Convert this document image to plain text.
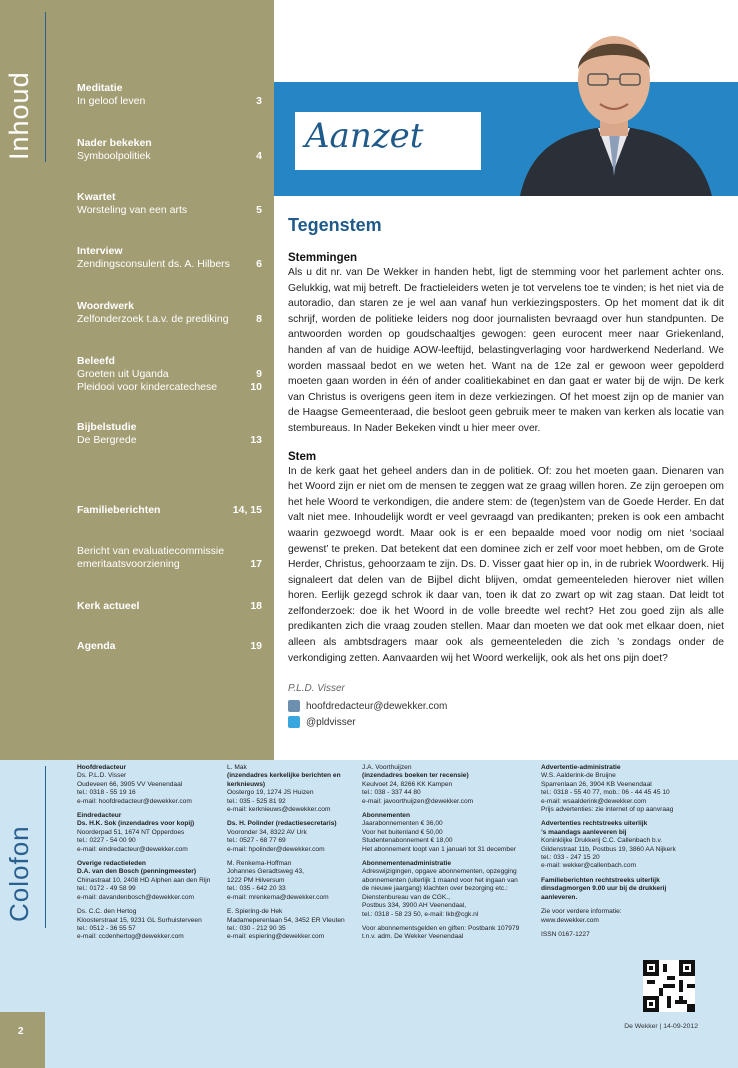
Inhoud	Meditatie
In geloof leven	3
Nader bekeken
Symboolpolitiek	4
Kwartet
Worsteling van een arts	5
Interview
Zendingsconsulent ds. A. Hilbers	6
Woordwerk
Zelfonderzoek t.a.v. de prediking	8
Beleefd
Groeten uit Uganda	9
Pleidooi voor kindercatechese	10
Bijbelstudie
De Bergrede	13
Familieberichten	14, 15
Bericht van evaluatiecommissie emeritaatsvoorziening	17
Kerk actueel	18
Agenda	19
Aanzet
Tegenstem
Stemmingen

Als u dit nr. van De Wekker in handen hebt, ligt de stemming voor het parlement achter ons. Gelukkig, wat mij betreft. De fractieleiders weten je tot vervelens toe te vinden; is het niet via de autoradio, dan staren ze je wel aan vanaf hun verkiezingsposters. Op het moment dat ik dit schrijf, worden de politieke leiders nog door journalisten bevraagd over hun standpunten. De antwoorden worden op goudschaaltjes gewogen: geen eurocent meer naar Griekenland, handen af van de huidige AOW-leeftijd, belastingverlaging voor hardwerkend Nederland. We worden massaal bedot en we weten het. Want na de 12e zal er gewoon weer gepolderd moeten gaan worden in één of ander coalitiekabinet en dan gaat er water bij de wijn. De kerk van Christus is overigens geen item in deze verkiezingen. Of het moest zijn op de manier van de Haagse Gemeenteraad, die besloot geen gebruik meer te maken van kerken als locatie van stembureaus. In Nader Bekeken vindt u hier meer over.

Stem

In de kerk gaat het geheel anders dan in de politiek. Of: zou het moeten gaan. Dienaren van het Woord zijn er niet om de mensen te zeggen wat ze graag willen horen. Ze zijn geroepen om het hele Woord te verkondigen, die andere stem: de (tegen)stem van de Goede Herder. En dat valt niet mee. Inhoudelijk wordt er veel gevraagd van predikanten; preken is ook een ambacht waarin gezwoegd wordt. Maar ook is er een bepaalde moed voor nodig om niet ‘sociaal gewenst’ te preken. Dat betekent dat een dominee zich er zelf voor moet hebben, om de Grote Herder, Christus, gehoorzaam te zijn. Ds. D. Visser gaat hier op in, in de rubriek Woordwerk. Hij signaleert dat delen van de Bijbel dicht blijven, omdat gemeenteleden hierover niet willen horen. Eerlijk gezegd schrok ik daar van, toen ik dat zo zwart op wit zag staan. Dat leidt tot zelfonderzoek: doe ik het Woord in de volle breedte wel recht? Het zou goed zijn als alle predikanten zich die vraag zouden stellen. Maar dan moeten we dat ook met elkaar doen, niet alleen als ambtsdragers maar ook als gemeenteleden die zich ’s zondags onder de verkondiging zetten. Aanvaarden wij het Woord werkelijk, ook als het ons pijn doet?

P.L.D. Visser
hoofdredacteur@dewekker.com
@pldvisser
Colofon
Hoofdredacteur
Ds. P.L.D. Visser
Oudeveen 66, 3905 VV Veenendaal
tel.: 0318 - 55 19 16
e-mail: hoofdredacteur@dewekker.com
Eindredacteur
Ds. H.K. Sok (inzendadres voor kopij)
Noorderpad 51, 1674 NT Opperdoes
tel.: 0227 - 54 00 90
e-mail: eindredacteur@dewekker.com
Overige redactieleden
D.A. van den Bosch (penningmeester)
Chinastraat 10, 2408 HD Alphen aan den Rijn
tel.: 0172 - 49 58 99
e-mail: davandenbosch@dewekker.com
Ds. C.C. den Hertog
Kloosterstraat 15, 9231 GL Surhuisterveen
tel.: 0512 - 36 55 57
e-mail: ccdenhertog@dewekker.com
L. Mak
(inzendadres kerkelijke berichten en
kerknieuws)
Oostergo 19, 1274 JS Huizen
tel.: 035 - 525 81 92
e-mail: kerknieuws@dewekker.com
Ds. H. Polinder (redactiesecretaris)
Vooronder 34, 8322 AV Urk
tel.: 0527 - 68 77 69
e-mail: hpolinder@dewekker.com
M. Renkema-Hoffman
Johannes Geradtsweg 43,
1222 PM Hilversum
tel.: 035 - 642 20 33
e-mail: mrenkema@dewekker.com
E. Spiering-de Hek
Madameperenlaan 54, 3452 ER Vleuten
tel.: 030 - 212 90 35
e-mail: espiering@dewekker.com
J.A. Voorthuijzen
(inzendadres boeken ter recensie)
Keulvoet 24, 8266 KK Kampen
tel.: 038 - 337 44 80
e-mail: javoorthuijzen@dewekker.com
Abonnementen
Jaarabonnementen € 36,00
Voor het buitenland € 50,00
Studentenabonnement € 18,00
Het abonnement loopt van 1 januari tot 31 december
Abonnementenadministratie
Adreswijzigingen, opgave abonnementen, opzegging
abonnementen (uiterlijk 1 maand voor het ingaan van
de nieuwe jaargang) klachten over bezorging etc.:
Dienstenbureau van de CGK.,
Postbus 334, 3900 AH Veenendaal,
tel.: 0318 - 58 23 50, e-mail: lkb@cgk.nl
Voor abonnementsgelden en giften: Postbank 107979
t.n.v. adm. De Wekker Veenendaal
Advertentie-administratie
W.S. Aalderink-de Bruijne
Sparrenlaan 26, 3904 KB Veenendaal
tel.: 0318 - 55 40 77, mob.: 06 - 44 45 45 10
e-mail: wsaalderink@dewekker.com
Prijs advertenties: zie internet of op aanvraag
Advertenties rechtstreeks uiterlijk
’s maandags aanleveren bij
Koninklijke Drukkerij C.C. Callenbach b.v.
Gildenstraat 11b, Postbus 19, 3860 AA Nijkerk
tel.: 033 - 247 15 20
e-mail: wekker@callenbach.com
Familieberichten rechtstreeks uiterlijk
dinsdagmorgen 9.00 uur bij de drukkerij
aanleveren.
Zie voor verdere informatie:
www.dewekker.com
ISSN 0167-1227
2	De Wekker | 14-09-2012
